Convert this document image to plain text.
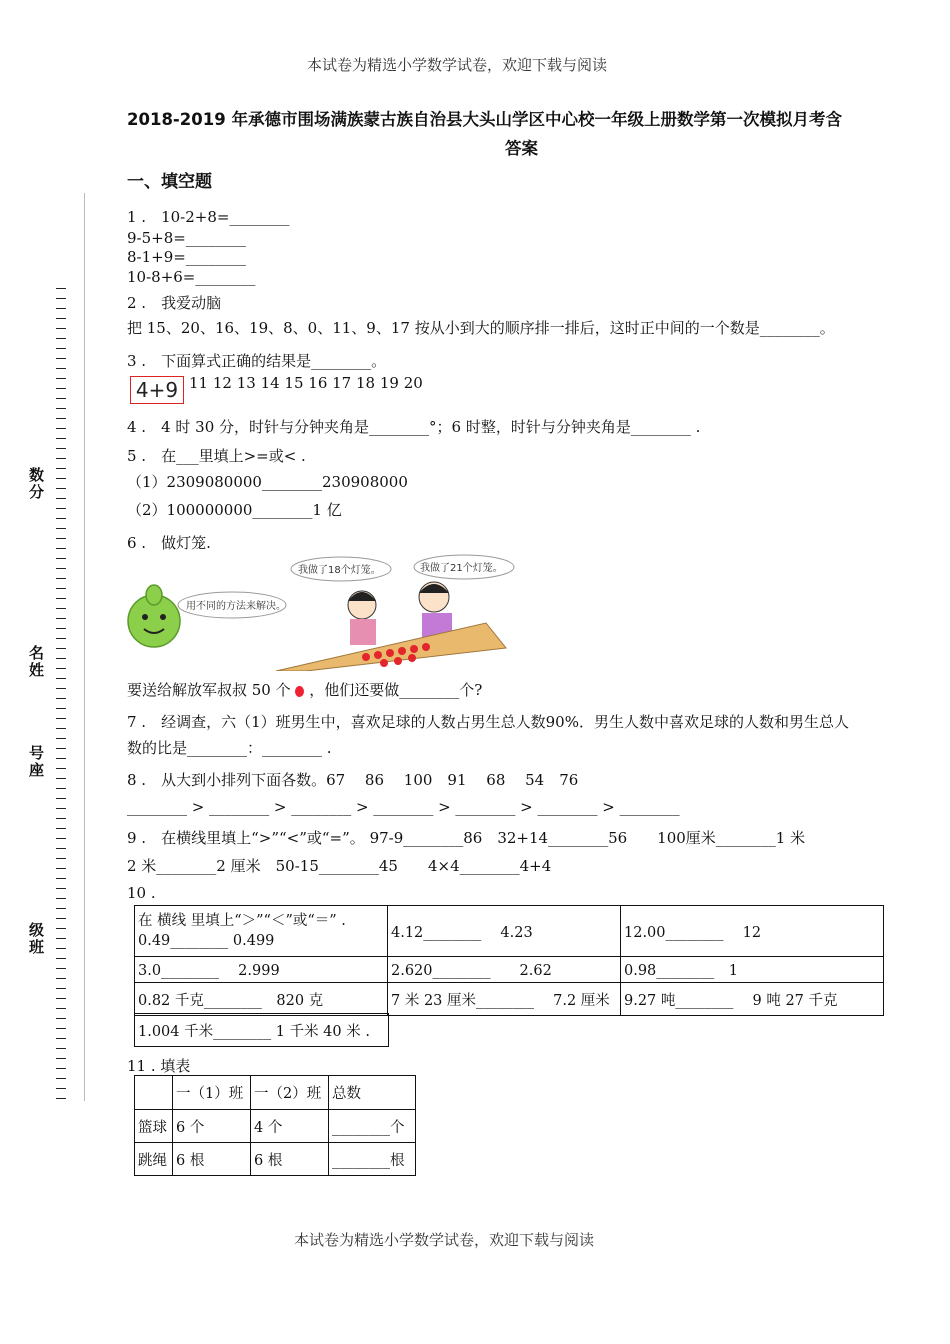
本试卷为精选小学数学试卷，欢迎下载与阅读
本试卷为精选小学数学试卷，欢迎下载与阅读
2018-2019 年承德市围场满族蒙古族自治县大头山学区中心校一年级上册数学第一次模拟月考含
答案
一、填空题
数分
名姓
号座
级班
1 .　10-2+8=________
9-5+8=________
8-1+9=________
10-8+6=________
2 .　我爱动脑
把 15、20、16、19、8、0、11、9、17 按从小到大的顺序排一排后，这时正中间的一个数是________。
3 .　下面算式正确的结果是________。
4+9 11 12 13 14 15 16 17 18 19 20
4 .　4 时 30 分，时针与分钟夹角是________°；6 时整，时针与分钟夹角是________ .
5 .　在___里填上>=或< .
（1）2309080000________230908000
（2）100000000________1 亿
6 .　做灯笼.
用不同的方法来解决。
我做了18个灯笼。	我做了21个灯笼。
要送给解放军叔叔 50 个 ，他们还要做________个?
7 .　经调查，六（1）班男生中，喜欢足球的人数占男生总人数90%．男生人数中喜欢足球的人数和男生总人
数的比是________：________ .
8 .　从大到小排列下面各数。67　 86　 100　91　 68　 54　76
________ > ________ > ________ > ________ > ________ > ________ > ________
9 .　在横线里填上“>”“<”或“=”。 97-9________86　32+14________56　　100厘米________1 米
2 米________2 厘米　50-15________45　　4×4________4+4
10 .
在 横线 里填上“＞”“＜”或“＝” .
0.49________ 0.499	4.12________　 4.23	12.00________　 12
3.0________　 2.999	2.620________　　2.62	0.98________　1
0.82 千克________　820 克	7 米 23 厘米________　 7.2 厘米	9.27 吨________　 9 吨 27 千克
1.004 千米________ 1 千米 40 米 .
11 . 填表
	一（1）班	一（2）班	总数
篮球	6 个	4 个	________个
跳绳	6 根	6 根	________根
